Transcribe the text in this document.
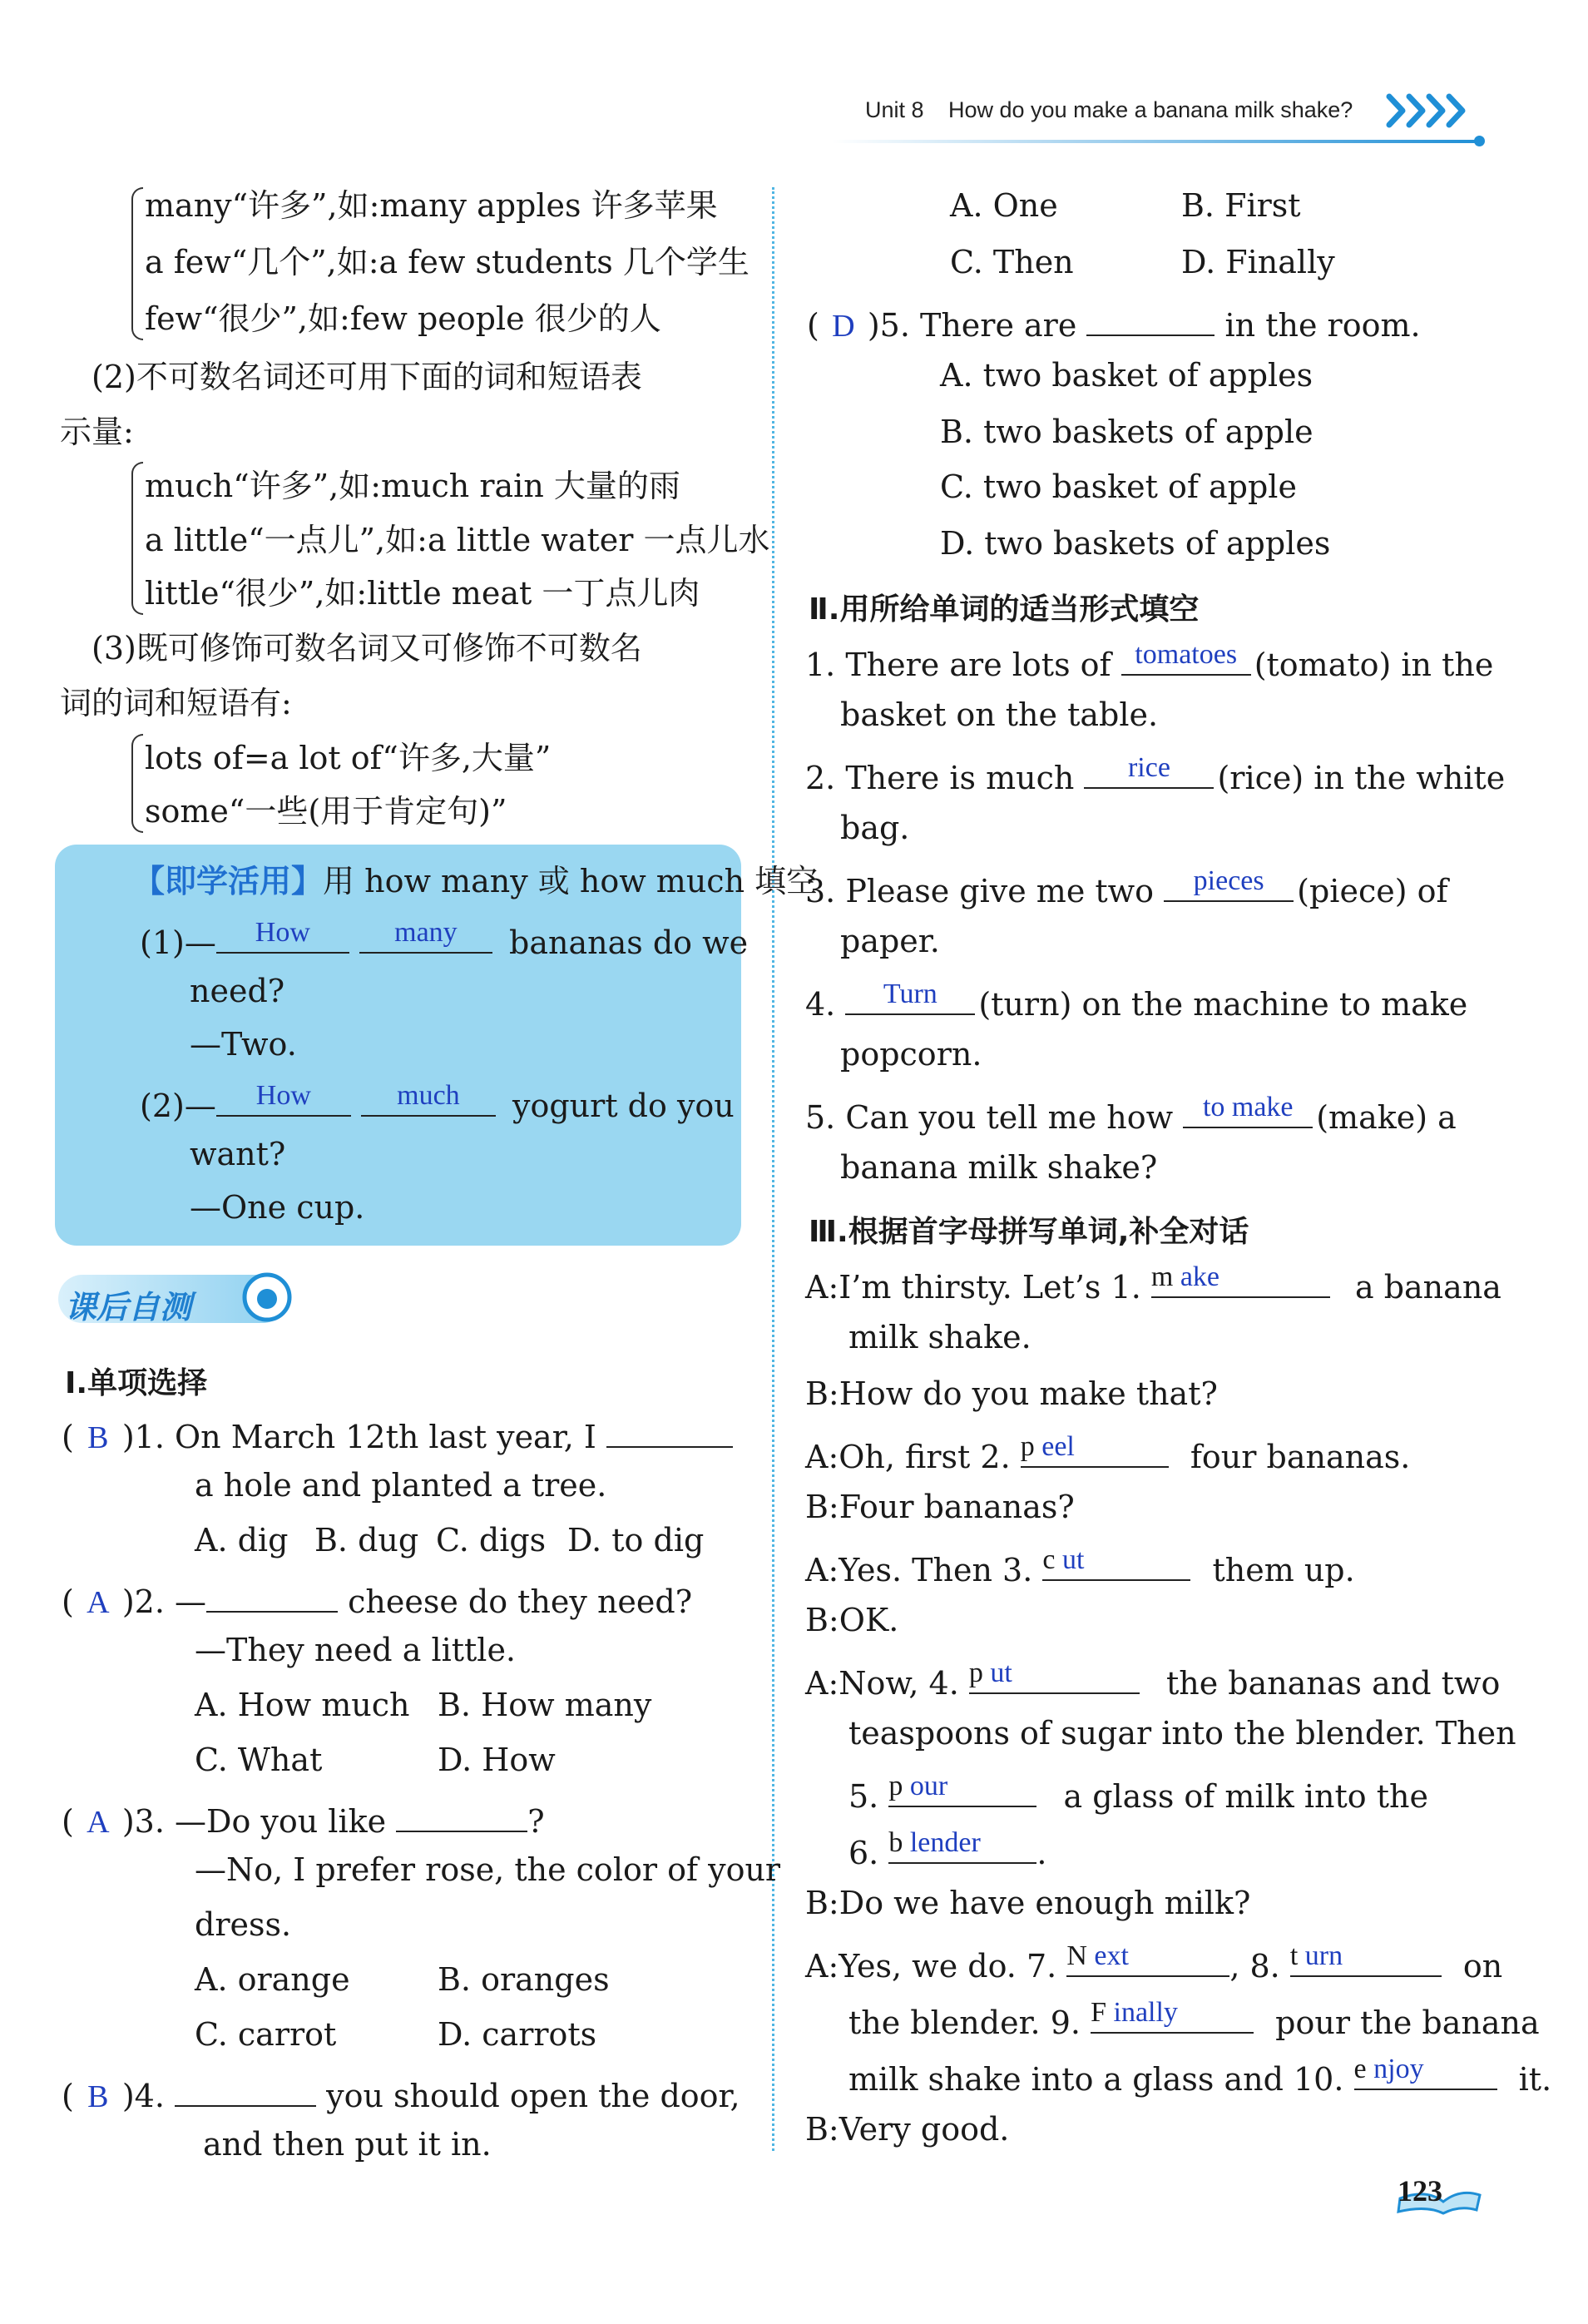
Unit 8 How do you make a banana milk shake?
many“许多”,如:many apples 许多苹果
a few“几个”,如:a few students 几个学生
few“很少”,如:few people 很少的人
(2)不可数名词还可用下面的词和短语表
示量:
much“许多”,如:much rain 大量的雨
a little“一点儿”,如:a little water 一点儿水
little“很少”,如:little meat 一丁点儿肉
(3)既可修饰可数名词又可修饰不可数名
词的词和短语有:
lots of=a lot of“许多,大量”
some“一些(用于肯定句)”
【即学活用】用 how many 或 how much 填空
(1)—	How
	many	bananas do we
need?
—Two.
(2)—	How
	much	yogurt do you
want?
—One cup.
课后自测
Ⅰ.单项选择
( B )1. On March 12th last year, I
a hole and planted a tree.
A. dig B. dug C. digs D. to dig
( A )2. —	cheese do they need?
—They need a little.
A. How much B. How many
C. What	D. How
( A )3. —Do you like	?
—No, I prefer rose, the color of your
dress.
A. orange	B. oranges
C. carrot	D. carrots
( B )4.	you should open the door,
and then put it in.
A. One	B. First
C. Then	D. Finally
( D )5. There are	in the room.
A. two basket of apples
B. two baskets of apple
C. two basket of apple
D. two baskets of apples
Ⅱ.用所给单词的适当形式填空
1. There are lots of tomatoes (tomato) in the
basket on the table.
2. There is much	rice	(rice) in the white
bag.
3. Please give me two	pieces	(piece) of
paper.
4.	Turn	(turn) on the machine to make
popcorn.
5. Can you tell me how	to make (make) a
banana milk shake?
Ⅲ.根据首字母拼写单词,补全对话
A:I’m thirsty. Let’s 1. m ake	a banana
milk shake.
B:How do you make that?
A:Oh, first 2. p eel	four bananas.
B:Four bananas?
A:Yes. Then 3. c ut	them up.
B:OK.
A:Now, 4. p ut	the bananas and two
teaspoons of sugar into the blender. Then
5. p our	a glass of milk into the
6. b lender	.
B:Do we have enough milk?
A:Yes, we do. 7. N ext	, 8. t urn	on
the blender. 9. F inally	pour the banana
milk shake into a glass and 10. e njoy	it.
B:Very good.
123
